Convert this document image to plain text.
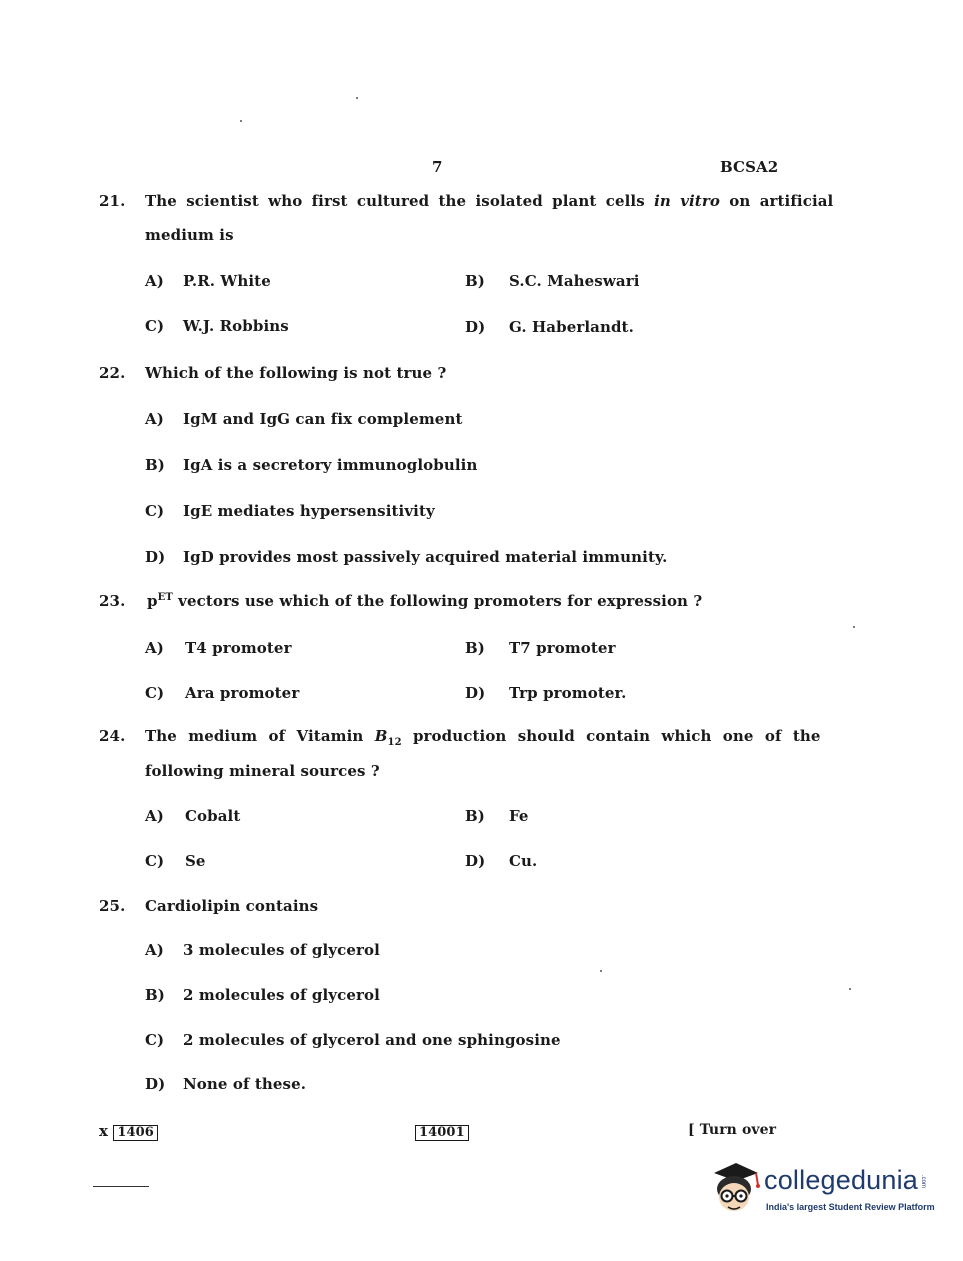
7	BCSA2
21. The scientist who first cultured the isolated plant cells in vitro on artificial
medium is
A) P.R. White	B) S.C. Maheswari
C) W.J. Robbins	D) G. Haberlandt.
22. Which of the following is not true ?
A) IgM and IgG can fix complement
B) IgA is a secretory immunoglobulin
C) IgE mediates hypersensitivity
D) IgD provides most passively acquired material immunity.
23. $p^{ET}$ vectors use which of the following promoters for expression ?
A) T4 promoter	B) T7 promoter
C) Ara promoter	D) Trp promoter.
24. The medium of Vitamin $B_{12}$ production should contain which one of the
following mineral sources ?
A) Cobalt	B) Fe
C) Se	D) Cu.
25. Cardiolipin contains
A) 3 molecules of glycerol
B) 2 molecules of glycerol
C) 2 molecules of glycerol and one sphingosine
D) None of these.
x 1406	14001	[ Turn over
collegedunia .com
India's largest Student Review Platform
